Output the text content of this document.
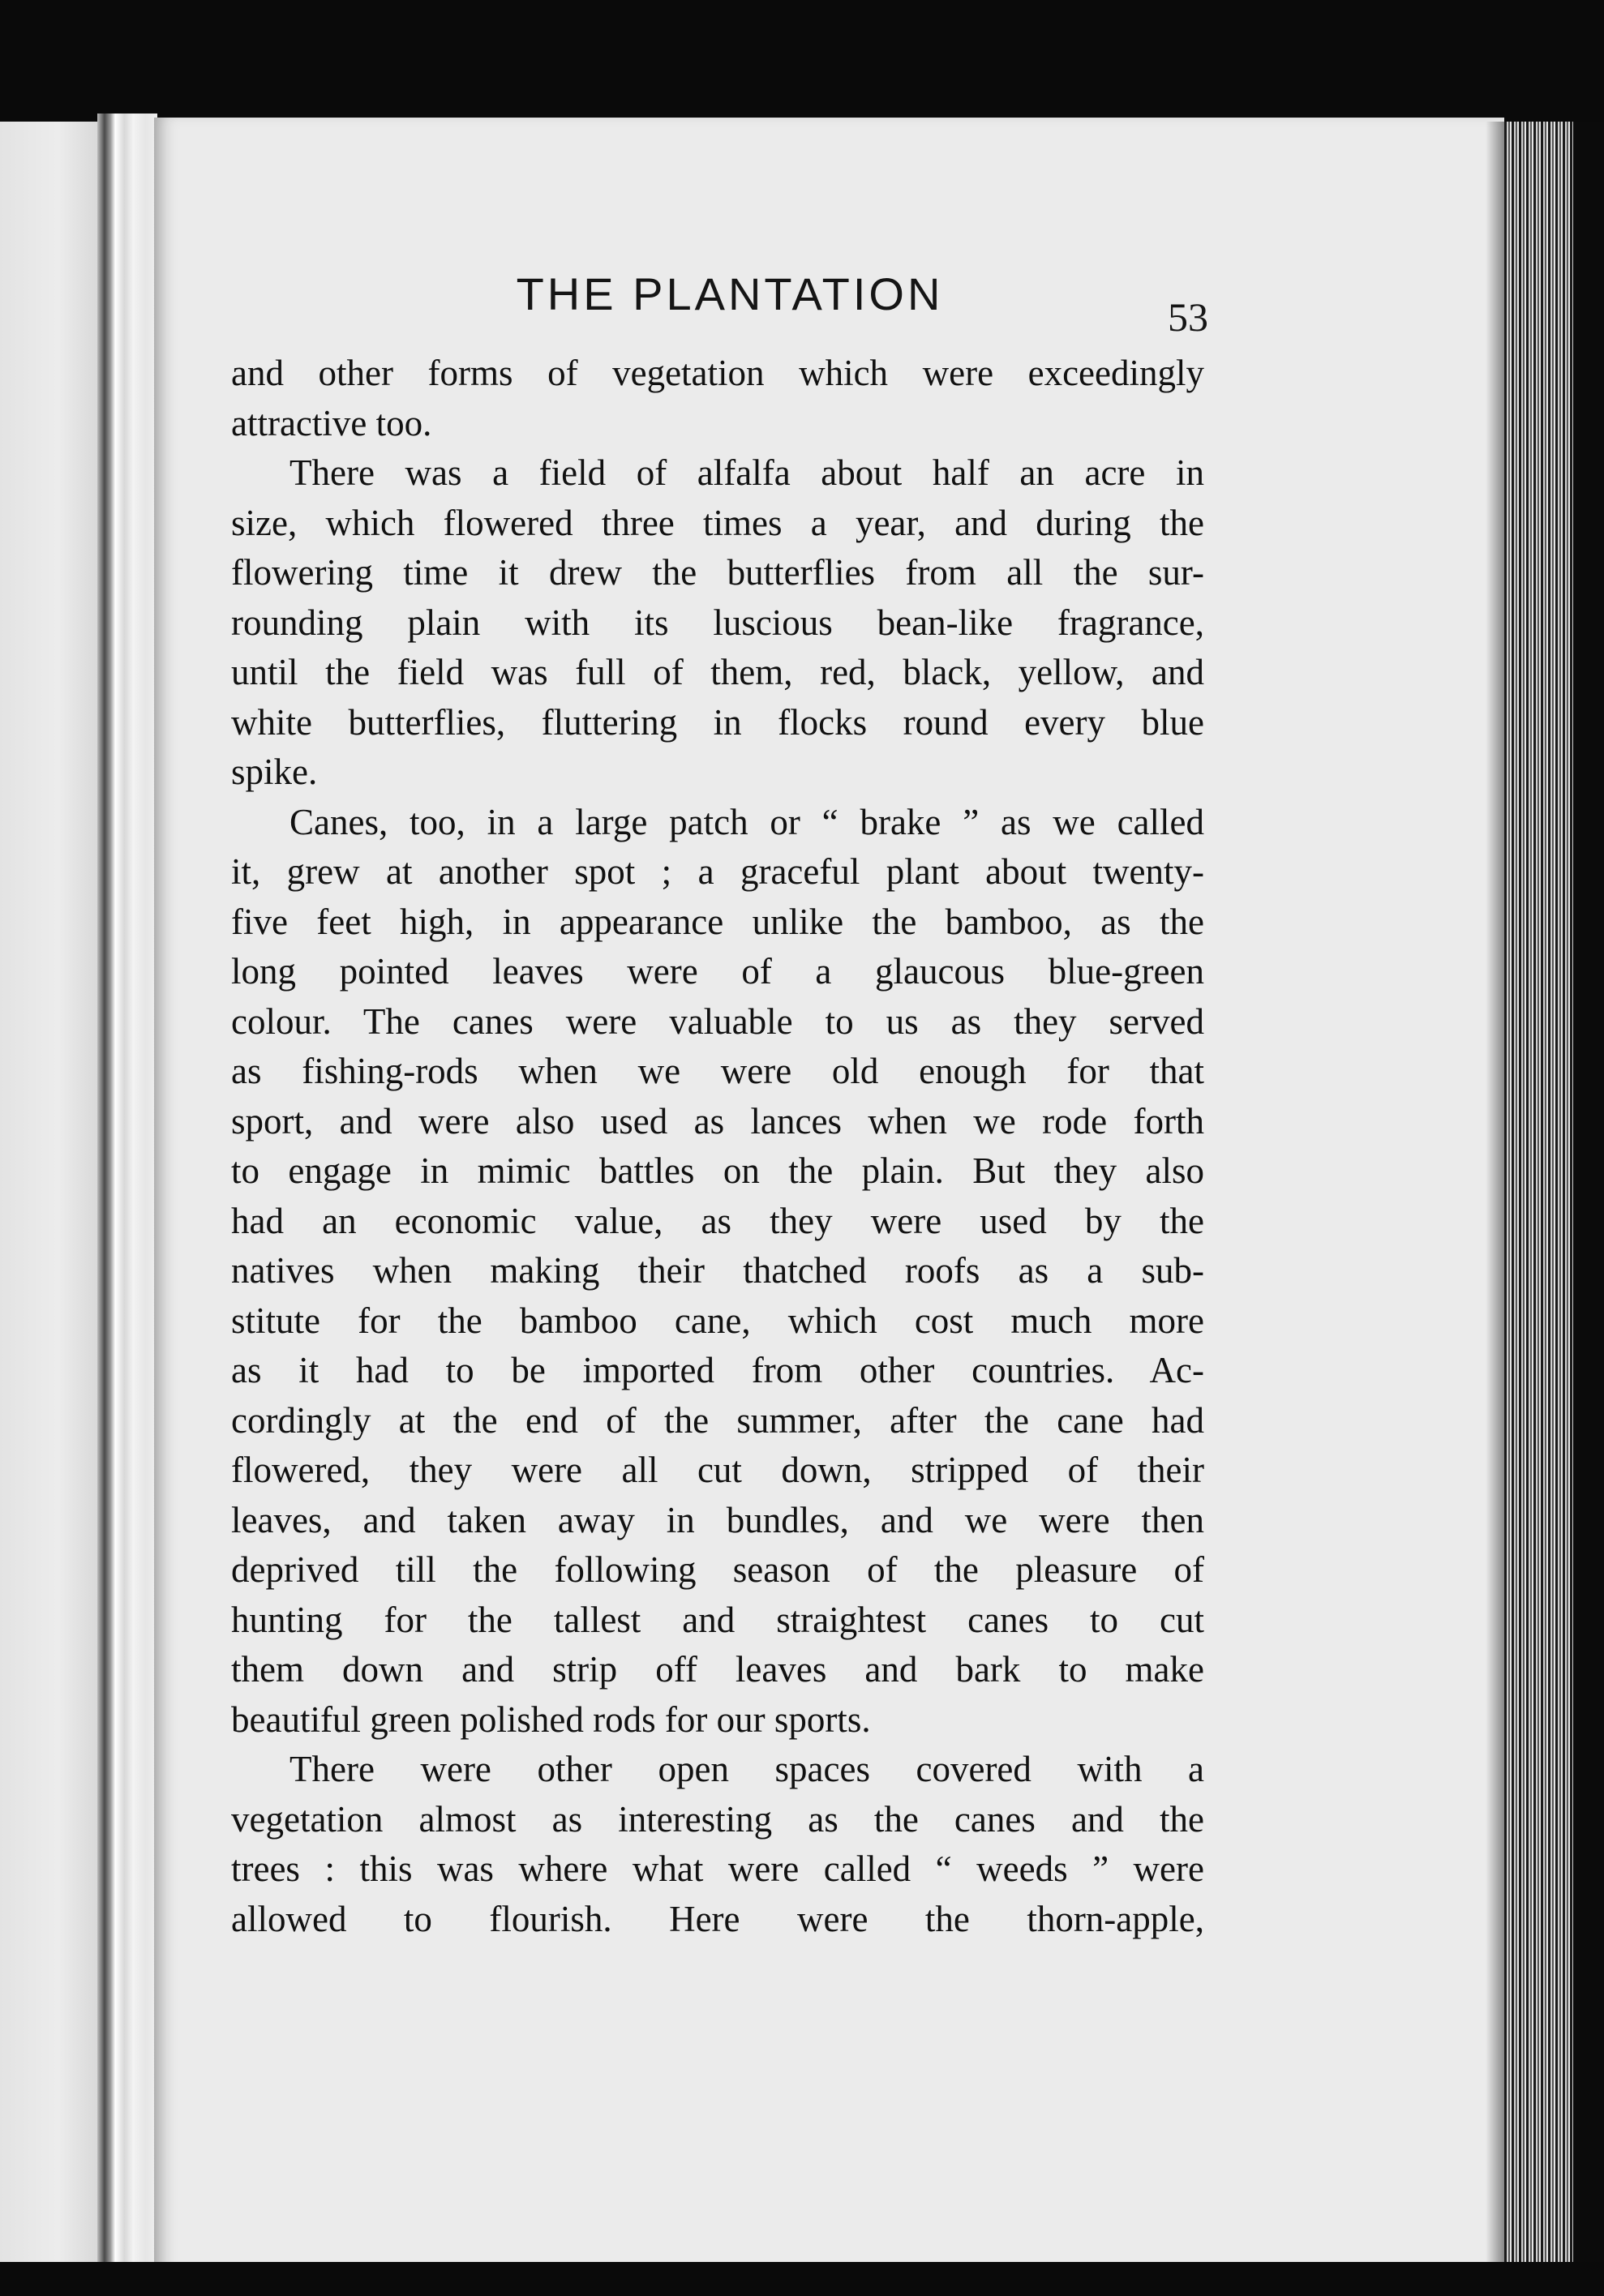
THE PLANTATION	53
and other forms of vegetation which were exceedingly
attractive too.
There was a field of alfalfa about half an acre in
size, which flowered three times a year, and during the
flowering time it drew the butterflies from all the sur-
rounding plain with its luscious bean-like fragrance,
until the field was full of them, red, black, yellow, and
white butterflies, fluttering in flocks round every blue
spike.
Canes, too, in a large patch or “ brake ” as we called
it, grew at another spot ; a graceful plant about twenty-
five feet high, in appearance unlike the bamboo, as the
long pointed leaves were of a glaucous blue-green
colour. The canes were valuable to us as they served
as fishing-rods when we were old enough for that
sport, and were also used as lances when we rode forth
to engage in mimic battles on the plain. But they also
had an economic value, as they were used by the
natives when making their thatched roofs as a sub-
stitute for the bamboo cane, which cost much more
as it had to be imported from other countries. Ac-
cordingly at the end of the summer, after the cane had
flowered, they were all cut down, stripped of their
leaves, and taken away in bundles, and we were then
deprived till the following season of the pleasure of
hunting for the tallest and straightest canes to cut
them down and strip off leaves and bark to make
beautiful green polished rods for our sports.
There were other open spaces covered with a
vegetation almost as interesting as the canes and the
trees : this was where what were called “ weeds ” were
allowed to flourish. Here were the thorn-apple,
